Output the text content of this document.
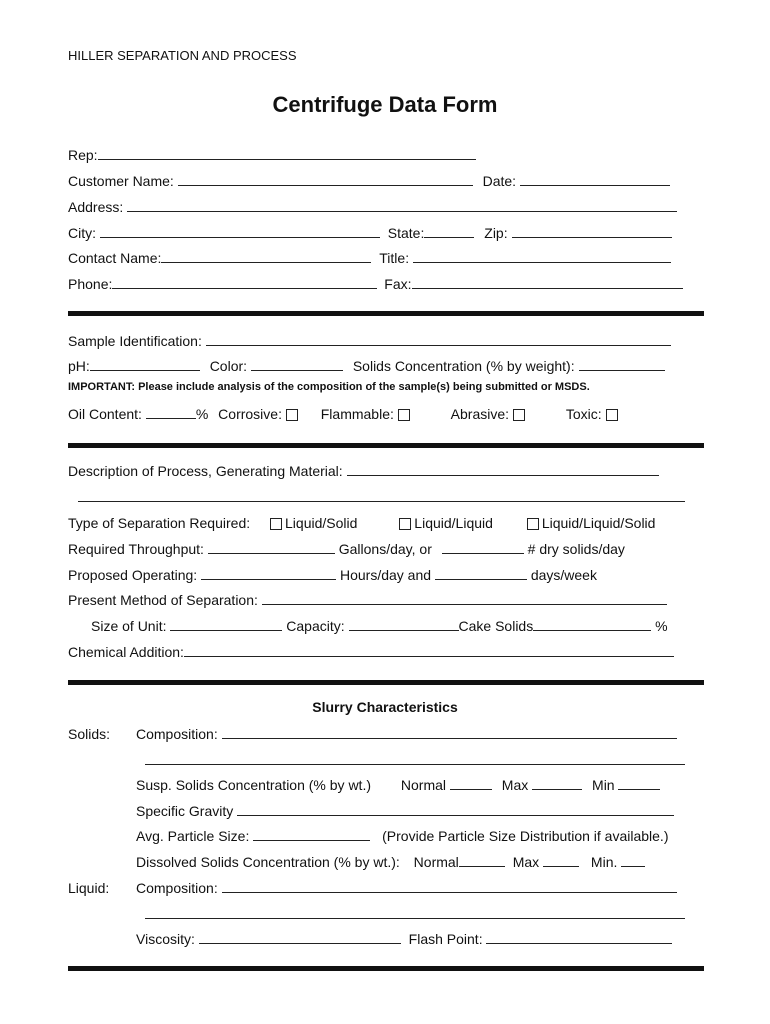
HILLER SEPARATION AND PROCESS
Centrifuge Data Form
Rep:
Customer Name:	Date:
Address:
City:	State:	Zip:
Contact Name:	Title:
Phone:	Fax:
Sample Identification:
pH:	Color:	Solids Concentration (% by weight):
IMPORTANT: Please include analysis of the composition of the sample(s) being submitted or MSDS.
Oil Content:	% Corrosive:	Flammable:	Abrasive:	Toxic:
Description of Process, Generating Material:
Type of Separation Required: Liquid/Solid	Liquid/Liquid	Liquid/Liquid/Solid
Required Throughput:	Gallons/day, or	# dry solids/day
Proposed Operating:	Hours/day and	days/week
Present Method of Separation:
Size of Unit:	Capacity:	Cake Solids	%
Chemical Addition:
Slurry Characteristics
Solids: Composition:
Susp. Solids Concentration (% by wt.) Normal	Max	Min
Specific Gravity
Avg. Particle Size:	(Provide Particle Size Distribution if available.)
Dissolved Solids Concentration (% by wt.): Normal	Max	Min.
Liquid: Composition:
Viscosity:	Flash Point:
